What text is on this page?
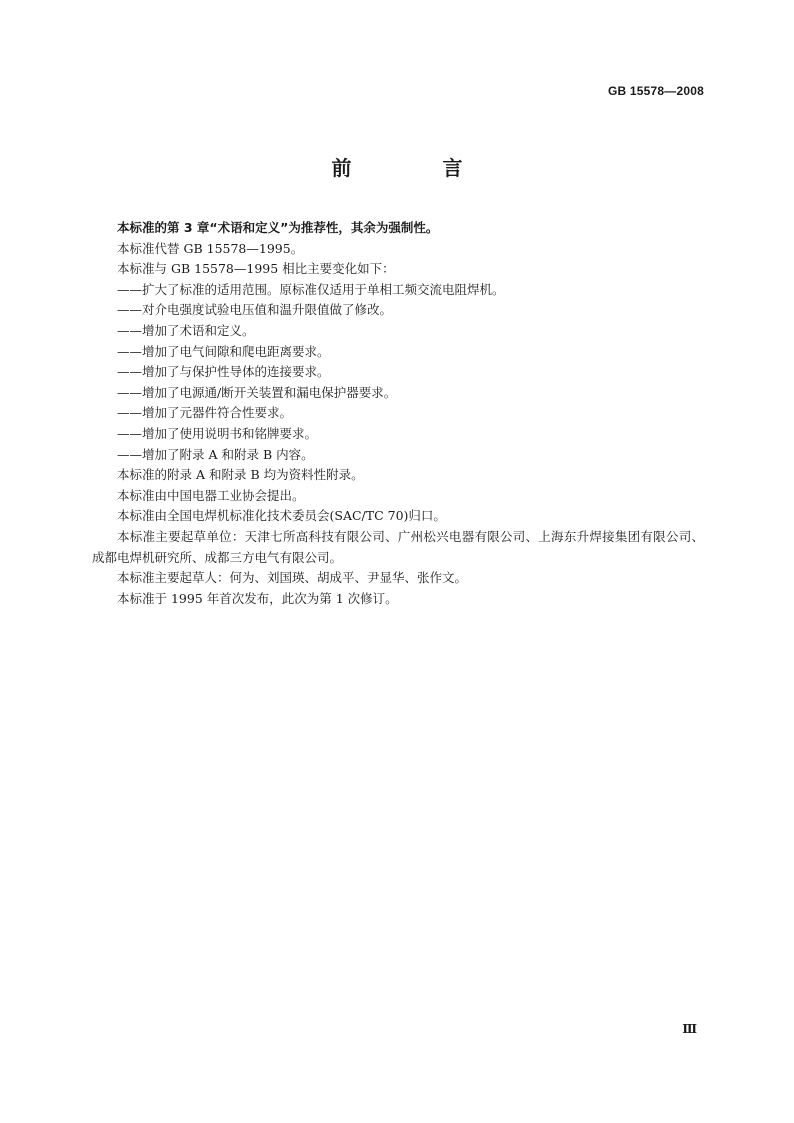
GB 15578—2008
前 言

本标准的第 3 章“术语和定义”为推荐性，其余为强制性。

本标准代替 GB 15578—1995。

本标准与 GB 15578—1995 相比主要变化如下：

——扩大了标准的适用范围。原标准仅适用于单相工频交流电阻焊机。

——对介电强度试验电压值和温升限值做了修改。

——增加了术语和定义。

——增加了电气间隙和爬电距离要求。

——增加了与保护性导体的连接要求。

——增加了电源通/断开关装置和漏电保护器要求。

——增加了元器件符合性要求。

——增加了使用说明书和铭牌要求。

——增加了附录 A 和附录 B 内容。

本标准的附录 A 和附录 B 均为资料性附录。

本标准由中国电器工业协会提出。

本标准由全国电焊机标准化技术委员会(SAC/TC 70)归口。

本标准主要起草单位：天津七所高科技有限公司、广州松兴电器有限公司、上海东升焊接集团有限公司、成都电焊机研究所、成都三方电气有限公司。

本标准主要起草人：何为、刘国瑛、胡成平、尹显华、张作文。

本标准于 1995 年首次发布，此次为第 1 次修订。

Ⅲ
